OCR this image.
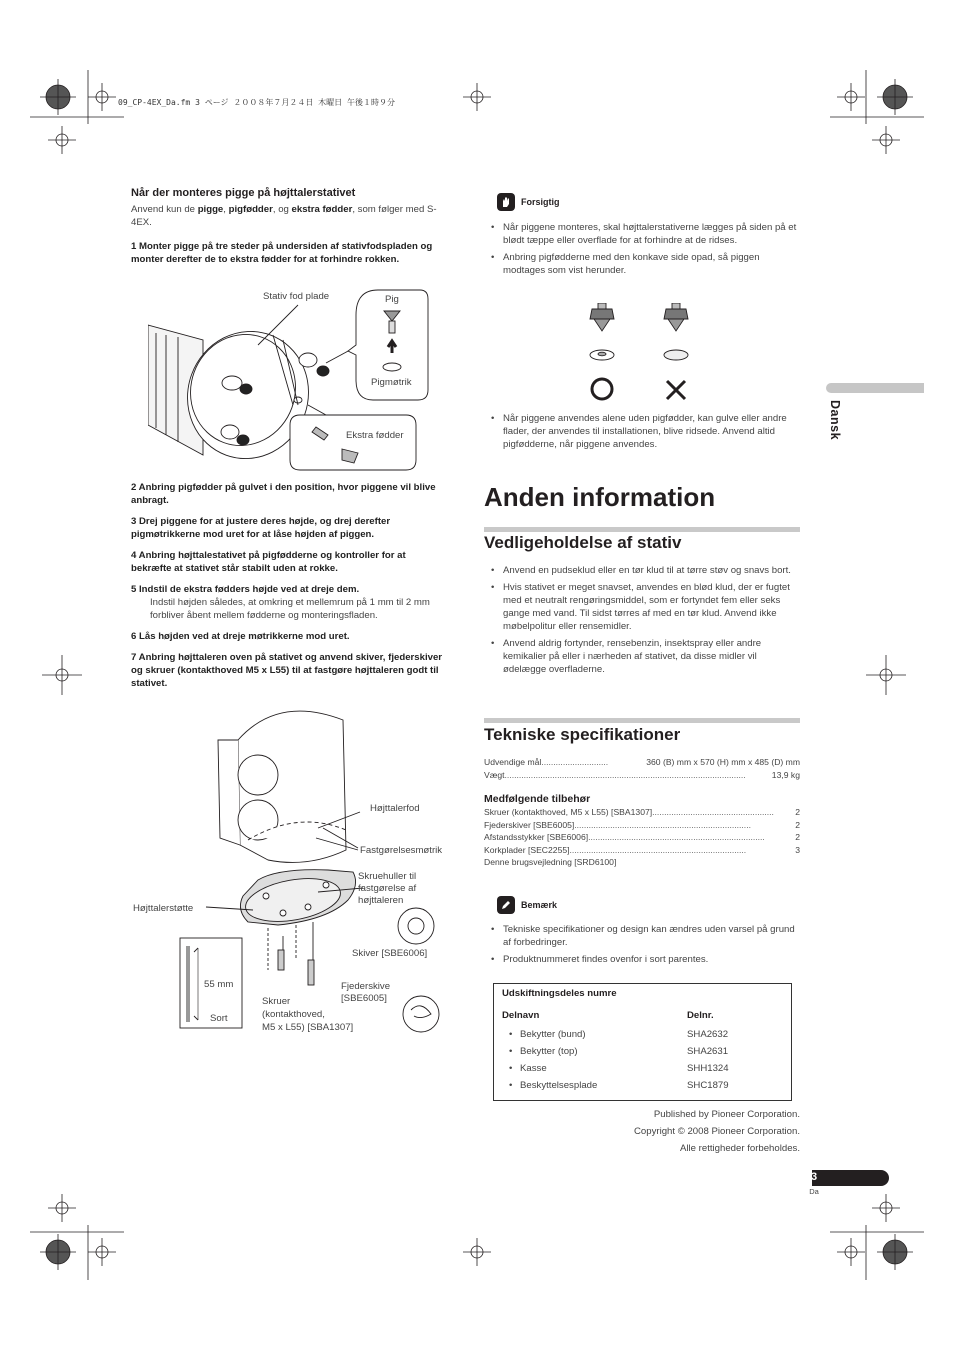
09_CP-4EX_Da.fm 3 ページ ２００８年７月２４日 木曜日 午後１時９分
Når der monteres pigge på højttalerstativet
Anvend kun de pigge, pigfødder, og ekstra fødder, som følger med S-4EX.

1 Monter pigge på tre steder på undersiden af stativfodspladen og monter derefter de to ekstra fødder for at forhindre rokken.

Stativ fod plade	Pig
Pigmøtrik
Ekstra fødder

2 Anbring pigfødder på gulvet i den position, hvor piggene vil blive anbragt.

3 Drej piggene for at justere deres højde, og drej derefter pigmøtrikkerne mod uret for at låse højden af piggen.

4 Anbring højttalestativet på pigfødderne og kontroller for at bekræfte at stativet står stabilt uden at rokke.

5 Indstil de ekstra fødders højde ved at dreje dem.

Indstil højden således, at omkring et mellemrum på 1 mm til 2 mm forbliver åbent mellem fødderne og monteringsfladen.

6 Lås højden ved at dreje møtrikkerne mod uret.

7 Anbring højttaleren oven på stativet og anvend skiver, fjederskiver og skruer (kontakthoved M5 x L55) til at fastgøre højttaleren godt til stativet.

Højttalerfod
Fastgørelsesmøtrik
Skruehuller til
fastgørelse af
højttaleren
Højttalerstøtte
Skiver [SBE6006]
55 mm
Sort
Skruer
(kontakthoved,
M5 x L55) [SBA1307]
Fjederskive
[SBE6005]
Forsigtig
• Når piggene monteres, skal højttalerstativerne lægges på siden på et blødt tæppe eller overflade for at forhindre at de ridses.
• Anbring pigfødderne med den konkave side opad, så piggen modtages som vist herunder.
• Når piggene anvendes alene uden pigfødder, kan gulve eller andre flader, der anvendes til installationen, blive ridsede. Anvend altid pigfødderne, når piggene anvendes.
Anden information
Vedligeholdelse af stativ
• Anvend en pudseklud eller en tør klud til at tørre støv og snavs bort.
• Hvis stativet er meget snavset, anvendes en blød klud, der er fugtet med et neutralt rengøringsmiddel, som er fortyndet fem eller seks gange med vand. Til sidst tørres af med en tør klud. Anvend ikke møbelpolitur eller rensemidler.
• Anvend aldrig fortynder, rensebenzin, insektspray eller andre kemikalier på eller i nærheden af stativet, da disse midler vil ødelægge overfladerne.
Tekniske specifikationer
Udvendige mål ............................	360 (B) mm x 570 (H) mm x 485 (D) mm
Vægt .....................................................................................................	13,9 kg
Medfølgende tilbehør
Skruer (kontakthoved, M5 x L55) [SBA1307] ...................................................	2
Fjederskiver [SBE6005] ..........................................................................	2
Afstandsstykker [SBE6006] ..........................................................................	2
Korkplader [SEC2255] ..........................................................................	3
Denne brugsvejledning [SRD6100]
Bemærk
• Tekniske specifikationer og design kan ændres uden varsel på grund af forbedringer.
• Produktnummeret findes ovenfor i sort parentes.
Udskiftningsdeles numre
Delnavn	Delnr.
• Bekytter (bund)	SHA2632
• Bekytter (top)	SHA2631
• Kasse	SHH1324
• Beskyttelsesplade	SHC1879
Published by Pioneer Corporation.
Copyright © 2008 Pioneer Corporation.
Alle rettigheder forbeholdes.
Dansk
3
Da
